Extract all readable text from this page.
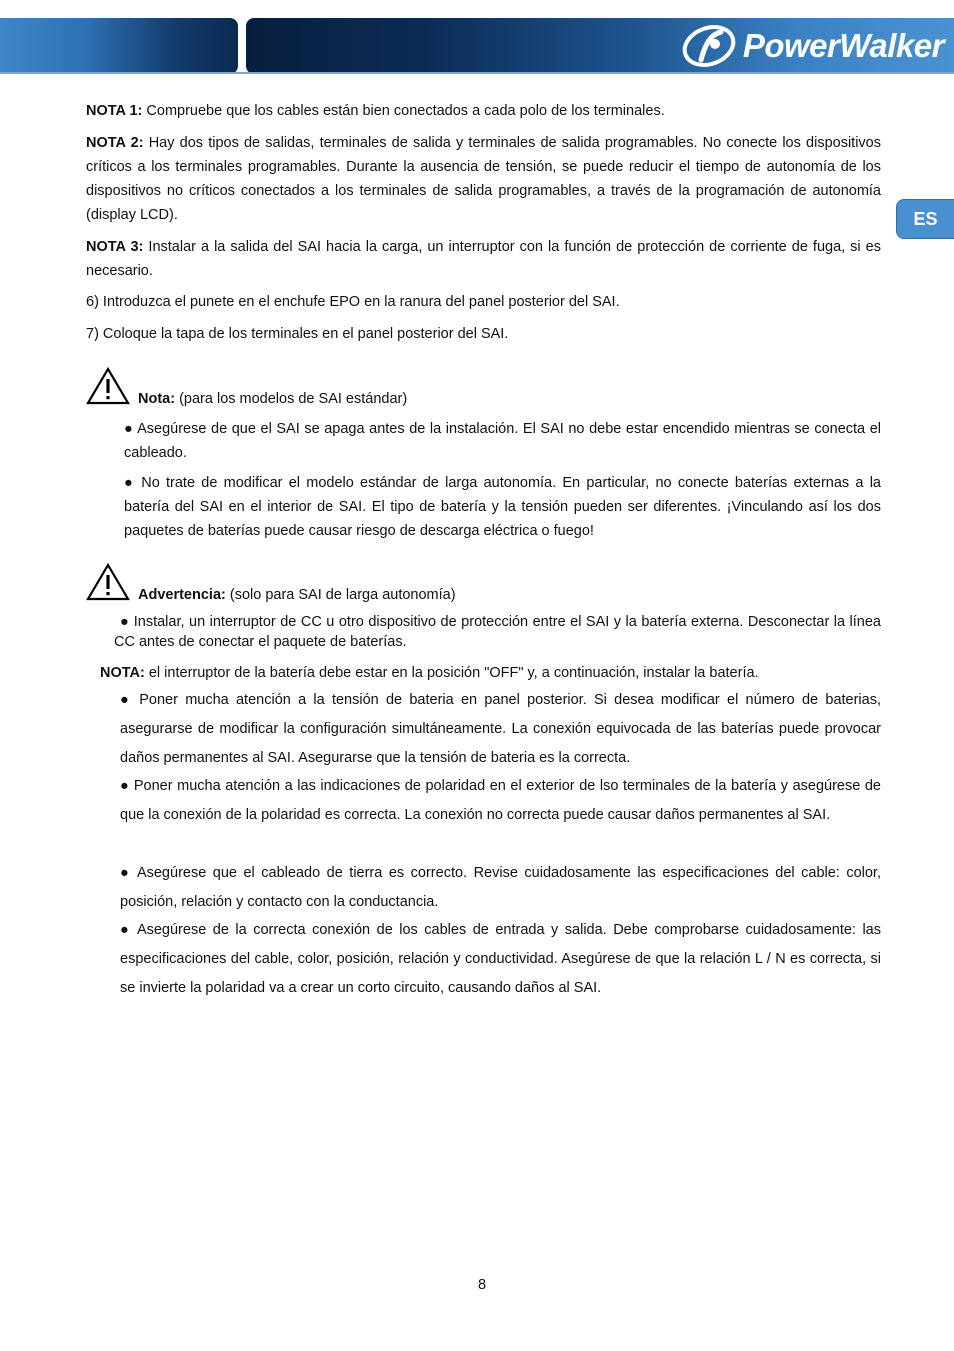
PowerWalker
ES
NOTA 1: Compruebe que los cables están bien conectados a cada polo de los terminales.
NOTA 2: Hay dos tipos de salidas, terminales de salida y terminales de salida programables. No conecte los dispositivos críticos a los terminales programables. Durante la ausencia de tensión, se puede reducir el tiempo de autonomía de los dispositivos no críticos conectados a los terminales de salida programables, a través de la programación de autonomía (display LCD).
NOTA 3: Instalar a la salida del SAI hacia la carga, un interruptor con la función de protección de corriente de fuga, si es necesario.
6) Introduzca el punete en el enchufe EPO en la ranura del panel posterior del SAI.
7) Coloque la tapa de los terminales en el panel posterior del SAI.
Nota: (para los modelos de SAI estándar)
● Asegúrese de que el SAI se apaga antes de la instalación. El SAI no debe estar encendido mientras se conecta el cableado.
● No trate de modificar el modelo estándar de larga autonomía. En particular, no conecte baterías externas a la batería del SAI en el interior de SAI. El tipo de batería y la tensión pueden ser diferentes. ¡Vinculando así los dos paquetes de baterías puede causar riesgo de descarga eléctrica o fuego!
Advertencia: (solo para SAI de larga autonomía)
● Instalar, un interruptor de CC u otro dispositivo de protección entre el SAI y la batería externa. Desconectar la línea CC antes de conectar el paquete de baterías.
NOTA: el interruptor de la batería debe estar en la posición "OFF" y, a continuación, instalar la batería.
● Poner mucha atención a la tensión de bateria en panel posterior. Si desea modificar el número de baterias, asegurarse de modificar la configuración simultáneamente. La conexión equivocada de las baterías puede provocar daños permanentes al SAI. Asegurarse que la tensión de bateria es la correcta.
● Poner mucha atención a las indicaciones de polaridad en el exterior de lso terminales de la batería y asegúrese de que la conexión de la polaridad es correcta. La conexión no correcta puede causar daños permanentes al SAI.
● Asegúrese que el cableado de tierra es correcto. Revise cuidadosamente las especificaciones del cable: color, posición, relación y contacto con la conductancia.
● Asegúrese de la correcta conexión de los cables de entrada y salida. Debe comprobarse cuidadosamente: las especificaciones del cable, color, posición, relación y conductividad. Asegúrese de que la relación L / N es correcta, si se invierte la polaridad va a crear un corto circuito, causando daños al SAI.
8
